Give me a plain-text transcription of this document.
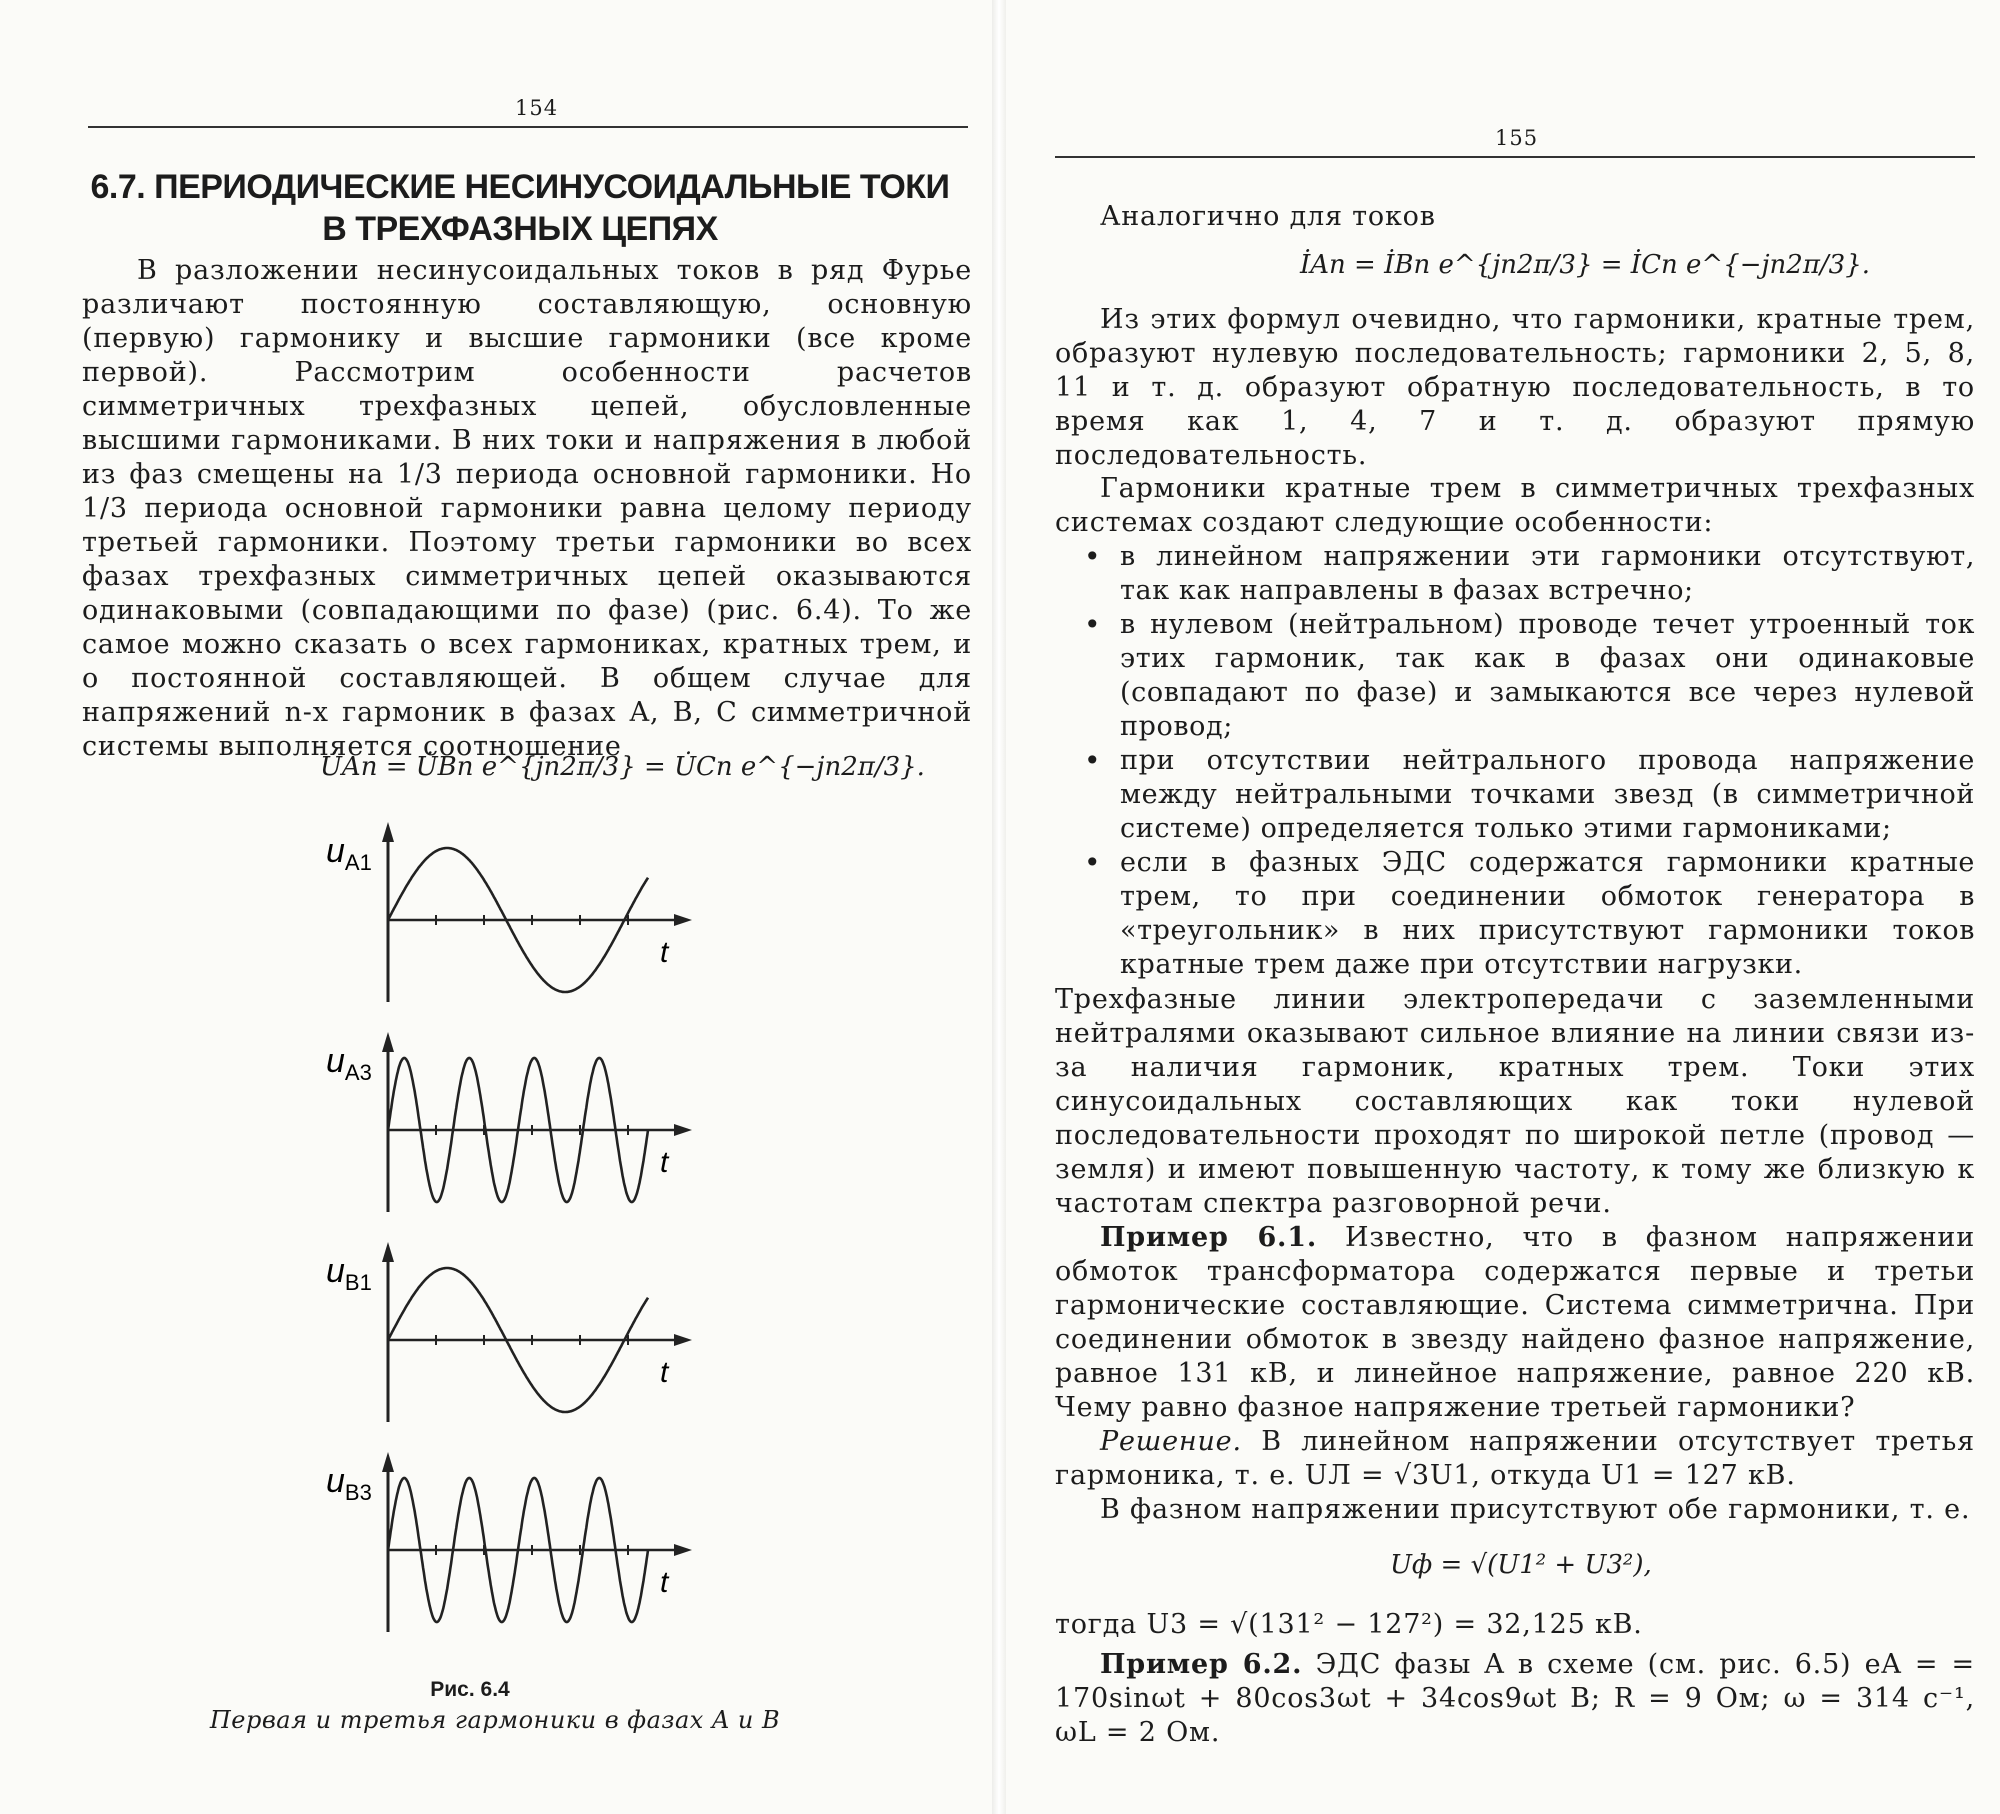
154
6.7. ПЕРИОДИЧЕСКИЕ НЕСИНУСОИДАЛЬНЫЕ ТОКИ В ТРЕХФАЗНЫХ ЦЕПЯХ
В разложении несинусоидальных токов в ряд Фурье различают постоянную составляющую, основную (первую) гармонику и высшие гармоники (все кроме первой). Рассмотрим особенности расчетов симметричных трехфазных цепей, обусловленные высшими гармониками. В них токи и напряжения в любой из фаз смещены на 1/3 периода основной гармоники. Но 1/3 периода основной гармоники равна целому периоду третьей гармоники. Поэтому третьи гармоники во всех фазах трехфазных симметричных цепей оказываются одинаковыми (совпадающими по фазе) (рис. 6.4). То же самое можно сказать о всех гармониках, кратных трем, и о постоянной составляющей. В общем случае для напряжений n-х гармоник в фазах A, B, C симметричной системы выполняется соотношение
U̇An = U̇Bn e^{jn2π/3} = U̇Cn e^{−jn2π/3}.
$u_{A1}$
t
$u_{A3}$
t
$u_{B1}$
t
$u_{B3}$
t
Рис. 6.4
Первая и третья гармоники в фазах A и B
155
Аналогично для токов
İAn = İBn e^{jn2π/3} = İCn e^{−jn2π/3}.
Из этих формул очевидно, что гармоники, кратные трем, образуют нулевую последовательность; гармоники 2, 5, 8, 11 и т. д. образуют обратную последовательность, в то время как 1, 4, 7 и т. д. образуют прямую последовательность.
Гармоники кратные трем в симметричных трехфазных системах создают следующие особенности:
• в линейном напряжении эти гармоники отсутствуют, так как направлены в фазах встречно;
• в нулевом (нейтральном) проводе течет утроенный ток этих гармоник, так как в фазах они одинаковые (совпадают по фазе) и замыкаются все через нулевой провод;
• при отсутствии нейтрального провода напряжение между нейтральными точками звезд (в симметричной системе) определяется только этими гармониками;
• если в фазных ЭДС содержатся гармоники кратные трем, то при соединении обмоток генератора в «треугольник» в них присутствуют гармоники токов кратные трем даже при отсутствии нагрузки.
Трехфазные линии электропередачи с заземленными нейтралями оказывают сильное влияние на линии связи из-за наличия гармоник, кратных трем. Токи этих синусоидальных составляющих как токи нулевой последовательности проходят по широкой петле (провод — земля) и имеют повышенную частоту, к тому же близкую к частотам спектра разговорной речи.
Пример 6.1. Известно, что в фазном напряжении обмоток трансформатора содержатся первые и третьи гармонические составляющие. Система симметрична. При соединении обмоток в звезду найдено фазное напряжение, равное 131 кВ, и линейное напряжение, равное 220 кВ. Чему равно фазное напряжение третьей гармоники?
Решение. В линейном напряжении отсутствует третья гармоника, т. е. UЛ = √3U1, откуда U1 = 127 кВ.
В фазном напряжении присутствуют обе гармоники, т. е.
Uф = √(U1² + U3²),
тогда U3 = √(131² − 127²) = 32,125 кВ.
Пример 6.2. ЭДС фазы A в схеме (см. рис. 6.5) eA = = 170sinωt + 80cos3ωt + 34cos9ωt В; R = 9 Ом; ω = 314 с⁻¹, ωL = 2 Ом.
